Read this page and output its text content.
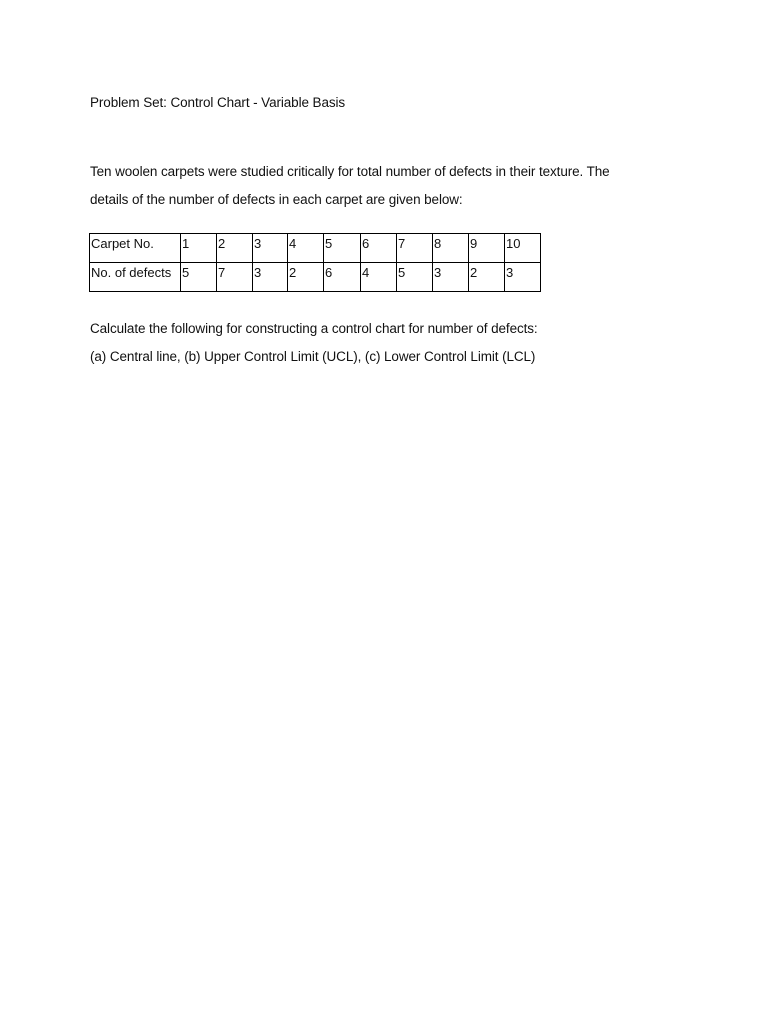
Problem Set: Control Chart - Variable Basis
Ten woolen carpets were studied critically for total number of defects in their texture. The
details of the number of defects in each carpet are given below:
Carpet No.	1	2	3	4	5	6	7	8	9	10
No. of defects	5	7	3	2	6	4	5	3	2	3
Calculate the following for constructing a control chart for number of defects:
(a) Central line, (b) Upper Control Limit (UCL), (c) Lower Control Limit (LCL)
